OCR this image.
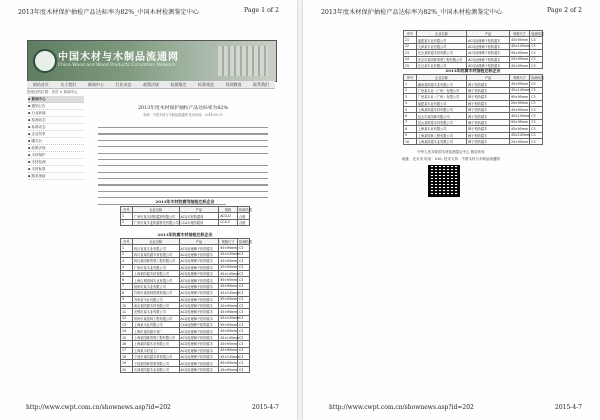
2013年度木材保护抽检产品达标率为82%_中国木材检测鉴定中心	Page 1 of 2
中国木材与木制品流通网
China Wood and Wood Products Circulation Network
网站首页	关于我们	新闻中心	行业动态	政策法规	检测鉴定	标准规范	培训教育	联系我们
您现在的位置：首页 > 新闻中心
▪ 新闻中心
▪ 通知公告
▪ 行业新闻
▪ 检测动态
▪ 标准动态
▪ 企业风采
▪ 曝光台
▪ 政策法规
▪ 木材保护
▪ 木材检测
▪ 木材标准
▪ 服务指南
2013年度木材保护抽检产品达标率为82%
来源：中国木材与木制品流通网 发布时间：2014-03-21
2013年木材防腐剂抽检达标企业
序号	企业名称	产品	规格	检验结果
1	广州市某木材防腐剂有限公司	ACQ木材防腐剂	ACQ-D	合格
2	广州市某木业防腐科技有限公司	CCA木材防腐剂	CCA-C	合格
2013年防腐木材抽检达标企业
序号	企业名称	产品	规格尺寸	检测结果
1	四川省某木业有限公司	ACQ处理樟子松防腐木	95×95mm	C3
2	四川省某防腐木材有限公司	ACQ处理樟子松防腐木	45×145mm	C3
3	四川某园林景观工程有限公司	ACQ处理樟子松防腐木	45×95mm	C3
4	广州市某木业有限公司	ACQ处理樟子松防腐木	20×95mm	C3
5	上海某防腐木材有限公司	ACQ处理樟子松防腐木	45×145mm	C3
6	上海古典园林木业有限公司	ACQ处理樟子松防腐木	95×95mm	C3
7	扬州市某木业有限公司	ACQ处理樟子松防腐木	45×95mm	C3
8	苏州市某园林景观有限公司	ACQ处理樟子松防腐木	45×145mm	C3
9	苏州某木业有限公司	ACQ处理樟子松防腐木	95×95mm	C3
10	南京某防腐木材有限公司	ACQ处理樟子松防腐木	20×95mm	C3
11	无锡市某木业有限公司	ACQ处理樟子松防腐木	45×95mm	C3
12	常州市某园林工程有限公司	ACQ处理樟子松防腐木	45×145mm	C3
13	上海某木业有限公司	CCA处理樟子松防腐木	95×95mm	C3
14	上海市某防腐木材厂	ACQ处理樟子松防腐木	45×95mm	C3
15	上海某园林景观工程有限公司	ACQ处理樟子松防腐木	45×145mm	C3
16	上海某防腐木业有限公司	ACQ处理樟子松防腐木	20×95mm	C3
17	上海某木材加工厂	ACQ处理樟子松防腐木	45×95mm	C3
18	宁波市某防腐木材有限公司	ACQ处理樟子松防腐木	45×145mm	C3
19	宁波某园林景观有限公司	ACQ处理樟子松防腐木	95×95mm	C3
20	天津某防腐木业有限公司	ACQ处理樟子松防腐木	45×95mm	C3
http://www.cwpt.com.cn/shownews.asp?id=202	2015-4-7
2013年度木材保护抽检产品达标率为82%_中国木材检测鉴定中心	Page 2 of 2
序号	企业名称	产品	规格尺寸	检测结果
21	福建某木业有限公司	ACQ处理樟子松防腐木	45×95mm	C3
22	天津某木业有限公司	ACQ处理樟子松防腐木	45×145mm	C3
23	北京某防腐木材有限公司	ACQ处理樟子松防腐木	95×95mm	C3
24	北京市某园林景观工程有限公司	ACQ处理樟子松防腐木	20×95mm	C3
25	北京某木业有限公司	ACQ处理樟子松防腐木	45×95mm	C3
2013年防腐木材抽检达标企业
序号	企业名称	产品	规格尺寸	检测结果
1	湖南某防腐木业有限公司	樟子松防腐木	45×95mm	C3
2	广州某木业（广州）有限公司	樟子松防腐木	45×145mm	C3
3	广州某木业（广州）有限公司	樟子松防腐木	95×95mm	C3
4	福建某木业有限公司	樟子松防腐木	20×95mm	C3
5	上海某防腐木材有限公司	樟子松防腐木	45×95mm	C3
6	昆山市某园林有限公司	樟子松防腐木	45×145mm	C3
7	昆山某防腐木材有限公司	樟子松防腐木	95×95mm	C3
8	上海某木业有限公司	樟子松防腐木	45×95mm	C3
9	上海某园林工程有限公司	樟子松防腐木	45×145mm	C3
10	上海某防腐木业有限公司	樟子松防腐木	20×95mm	C3
中华人民共和国木材检测鉴定中心 版权所有
地址：北京市 电话：010- 技术支持：中国木材与木制品流通网
http://www.cwpt.com.cn/shownews.asp?id=202	2015-4-7
